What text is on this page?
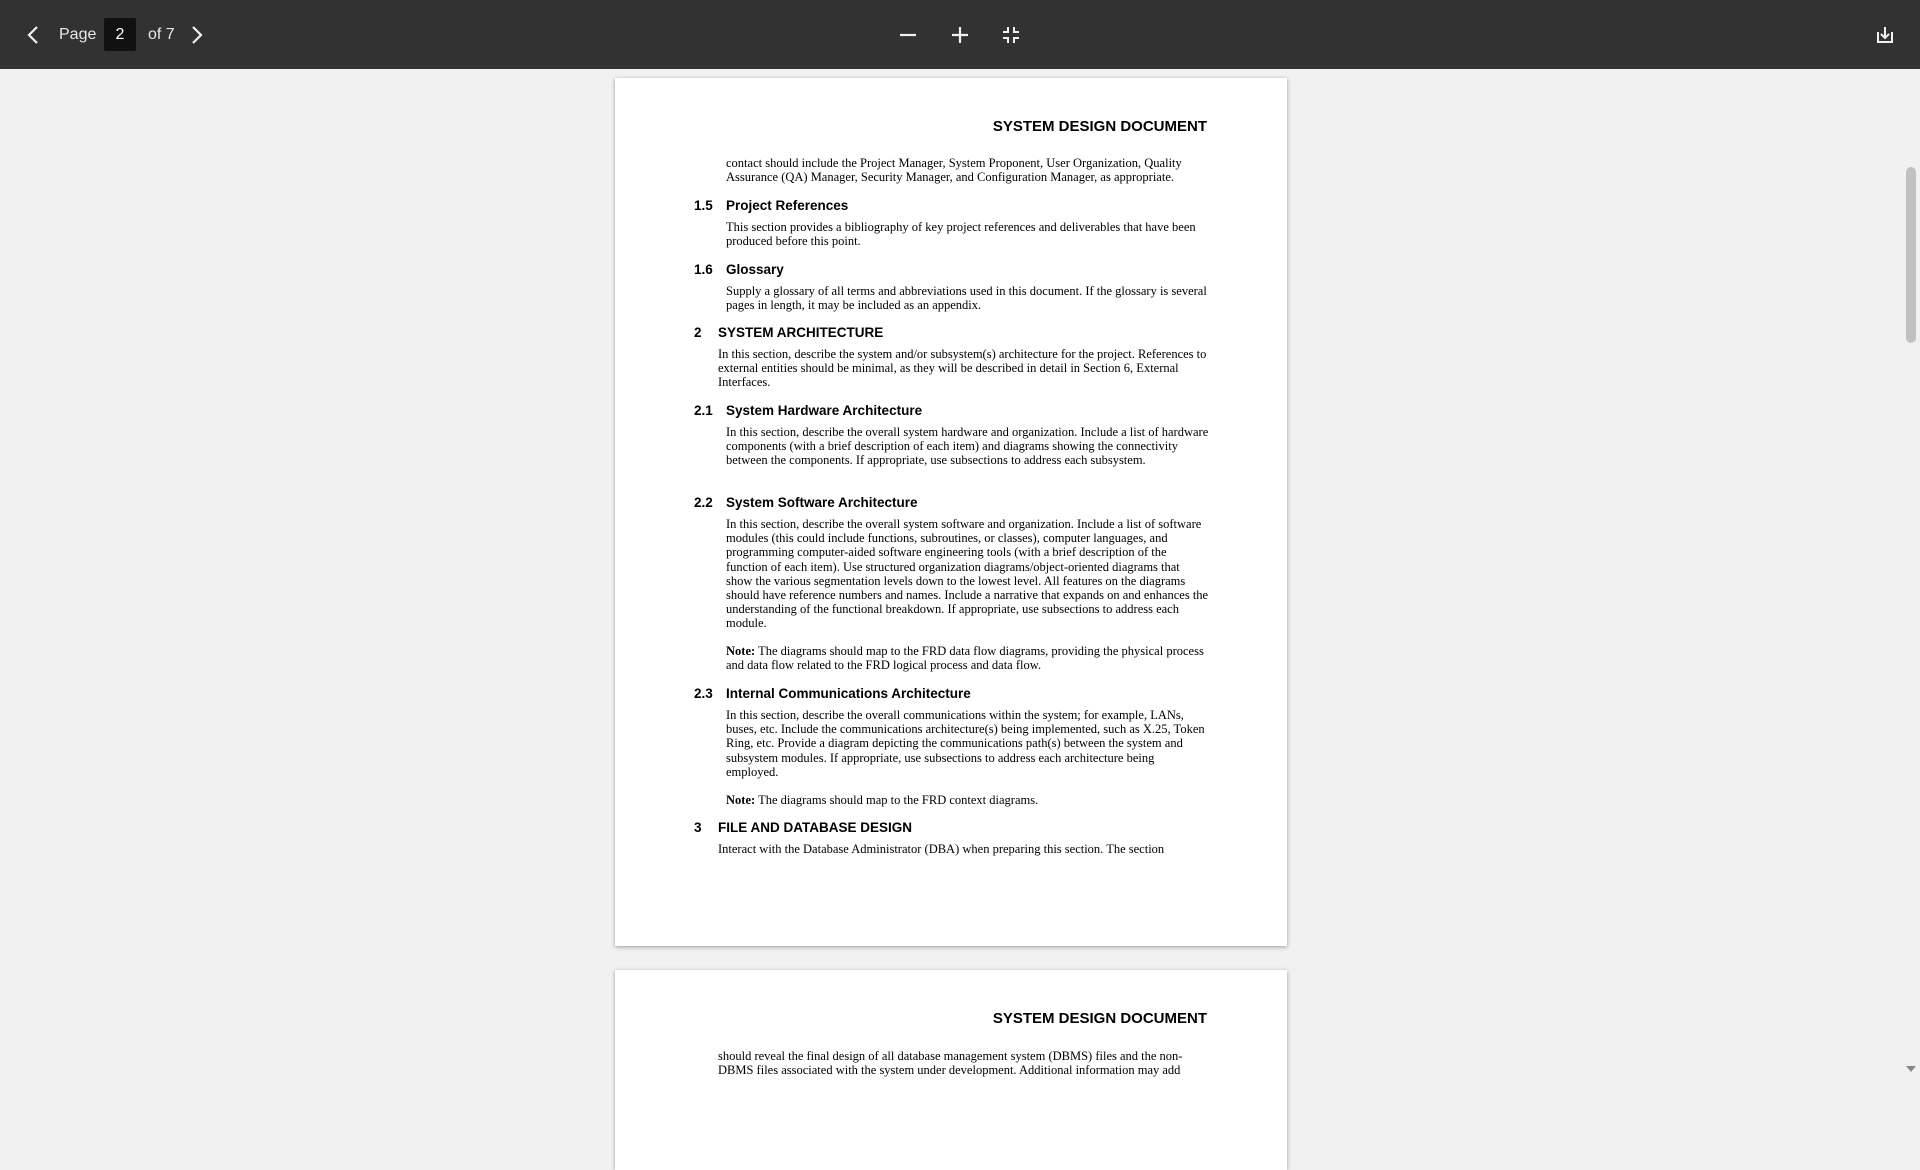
Page
2	of 7
SYSTEM DESIGN DOCUMENT
contact should include the Project Manager, System Proponent, User Organization, Quality Assurance (QA) Manager, Security Manager, and Configuration Manager, as appropriate.
1.5 Project References
This section provides a bibliography of key project references and deliverables that have been produced before this point.
1.6 Glossary
Supply a glossary of all terms and abbreviations used in this document. If the glossary is several pages in length, it may be included as an appendix.
2 SYSTEM ARCHITECTURE
In this section, describe the system and/or subsystem(s) architecture for the project. References to external entities should be minimal, as they will be described in detail in Section 6, External Interfaces.
2.1 System Hardware Architecture
In this section, describe the overall system hardware and organization. Include a list of hardware components (with a brief description of each item) and diagrams showing the connectivity between the components. If appropriate, use subsections to address each subsystem.
2.2 System Software Architecture
In this section, describe the overall system software and organization. Include a list of software modules (this could include functions, subroutines, or classes), computer languages, and programming computer-aided software engineering tools (with a brief description of the function of each item). Use structured organization diagrams/object-oriented diagrams that show the various segmentation levels down to the lowest level. All features on the diagrams should have reference numbers and names. Include a narrative that expands on and enhances the understanding of the functional breakdown. If appropriate, use subsections to address each module.
Note: The diagrams should map to the FRD data flow diagrams, providing the physical process and data flow related to the FRD logical process and data flow.
2.3 Internal Communications Architecture
In this section, describe the overall communications within the system; for example, LANs, buses, etc. Include the communications architecture(s) being implemented, such as X.25, Token Ring, etc. Provide a diagram depicting the communications path(s) between the system and subsystem modules. If appropriate, use subsections to address each architecture being employed.
Note: The diagrams should map to the FRD context diagrams.
3 FILE AND DATABASE DESIGN
Interact with the Database Administrator (DBA) when preparing this section. The section
SYSTEM DESIGN DOCUMENT
should reveal the final design of all database management system (DBMS) files and the non-DBMS files associated with the system under development. Additional information may add
